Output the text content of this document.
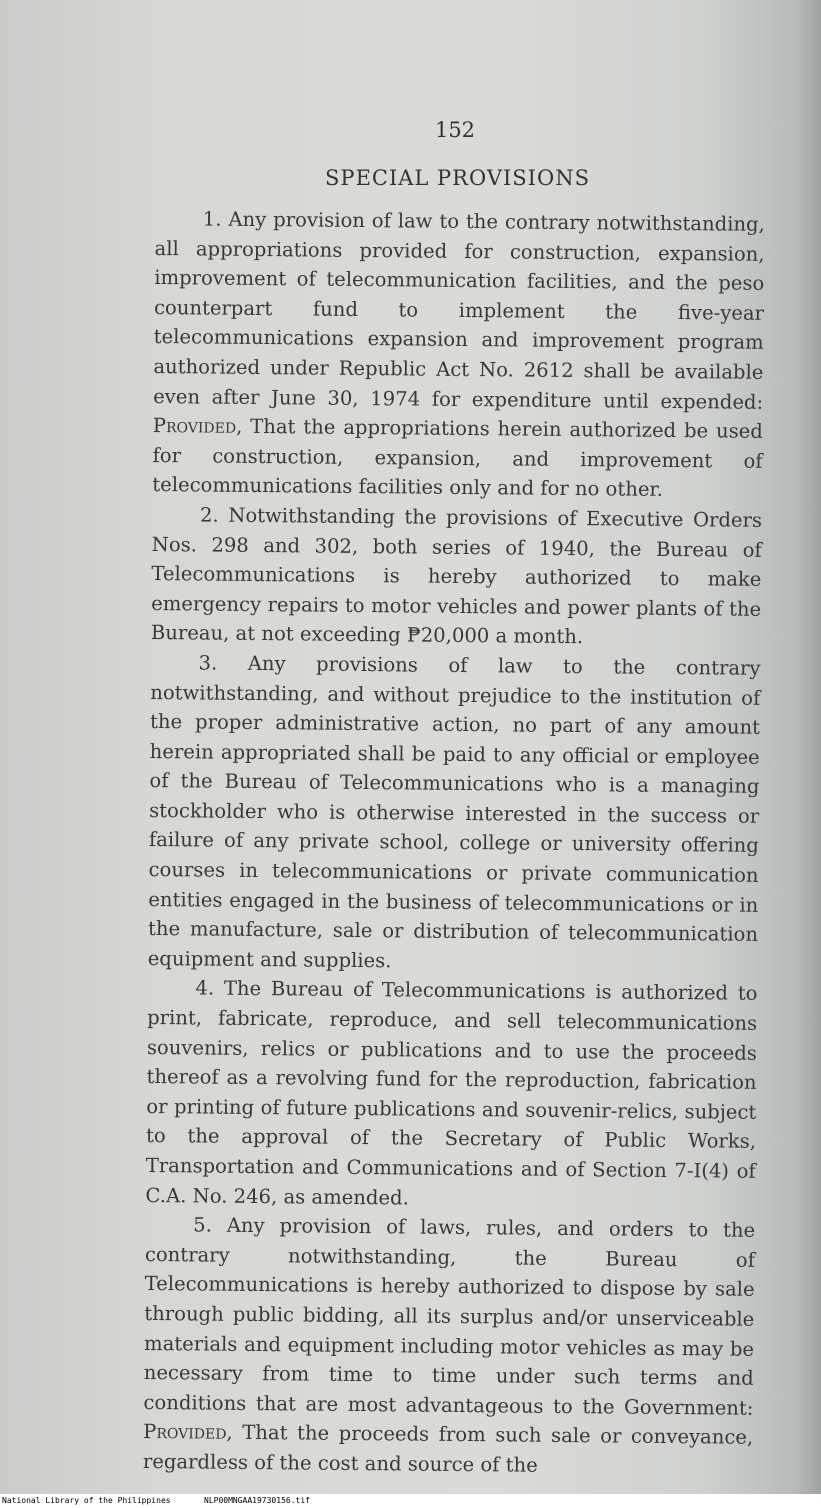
152
SPECIAL PROVISIONS

1. Any provision of law to the contrary notwithstanding, all appropriations provided for construction, expansion, improvement of telecommunication facilities, and the peso counterpart fund to implement the five-year telecommunications expansion and improvement program authorized under Republic Act No. 2612 shall be available even after June 30, 1974 for expenditure until expended: Provided, That the appropriations herein authorized be used for construction, expansion, and improvement of telecommunications facilities only and for no other.

2. Notwithstanding the provisions of Executive Orders Nos. 298 and 302, both series of 1940, the Bureau of Telecommunications is hereby authorized to make emergency repairs to motor vehicles and power plants of the Bureau, at not exceeding ₱20,000 a month.

3. Any provisions of law to the contrary notwithstanding, and without prejudice to the institution of the proper administrative action, no part of any amount herein appropriated shall be paid to any official or employee of the Bureau of Telecommunications who is a managing stockholder who is otherwise interested in the success or failure of any private school, college or university offering courses in telecommunications or private communication entities engaged in the business of telecommunications or in the manufacture, sale or distribution of telecommunication equipment and supplies.

4. The Bureau of Telecommunications is authorized to print, fabricate, reproduce, and sell telecommunications souvenirs, relics or publications and to use the proceeds thereof as a revolving fund for the reproduction, fabrication or printing of future publications and souvenir-relics, subject to the approval of the Secretary of Public Works, Transportation and Communications and of Section 7-I(4) of C.A. No. 246, as amended.

5. Any provision of laws, rules, and orders to the contrary notwithstanding, the Bureau of Telecommunications is hereby authorized to dispose by sale through public bidding, all its surplus and/or unserviceable materials and equipment including motor vehicles as may be necessary from time to time under such terms and conditions that are most advantageous to the Government: Provided, That the proceeds from such sale or conveyance, regardless of the cost and source of the

National Library of the Philippines	NLP00MNGAA19730156.tif
